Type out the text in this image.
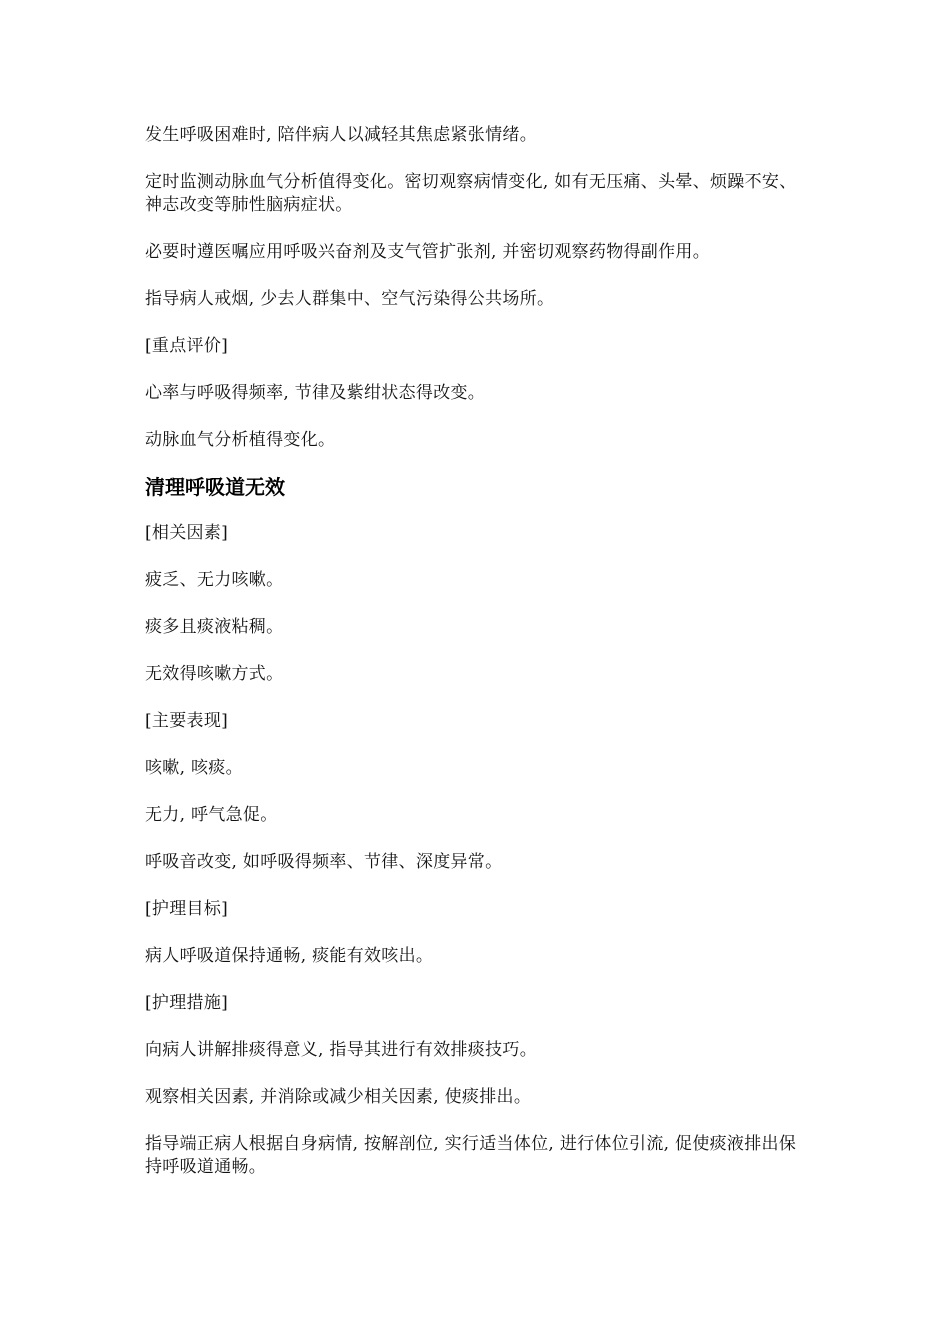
发生呼吸困难时, 陪伴病人以减轻其焦虑紧张情绪。

定时监测动脉血气分析值得变化。密切观察病情变化, 如有无压痛、头晕、烦躁不安、神志改变等肺性脑病症状。

必要时遵医嘱应用呼吸兴奋剂及支气管扩张剂, 并密切观察药物得副作用。

指导病人戒烟, 少去人群集中、空气污染得公共场所。

[重点评价]

心率与呼吸得频率, 节律及紫绀状态得改变。

动脉血气分析植得变化。

清理呼吸道无效

[相关因素]

疲乏、无力咳嗽。

痰多且痰液粘稠。

无效得咳嗽方式。

[主要表现]

咳嗽, 咳痰。

无力, 呼气急促。

呼吸音改变, 如呼吸得频率、节律、深度异常。

[护理目标]

病人呼吸道保持通畅, 痰能有效咳出。

[护理措施]

向病人讲解排痰得意义, 指导其进行有效排痰技巧。

观察相关因素, 并消除或减少相关因素, 使痰排出。

指导端正病人根据自身病情, 按解剖位, 实行适当体位, 进行体位引流, 促使痰液排出保持呼吸道通畅。
